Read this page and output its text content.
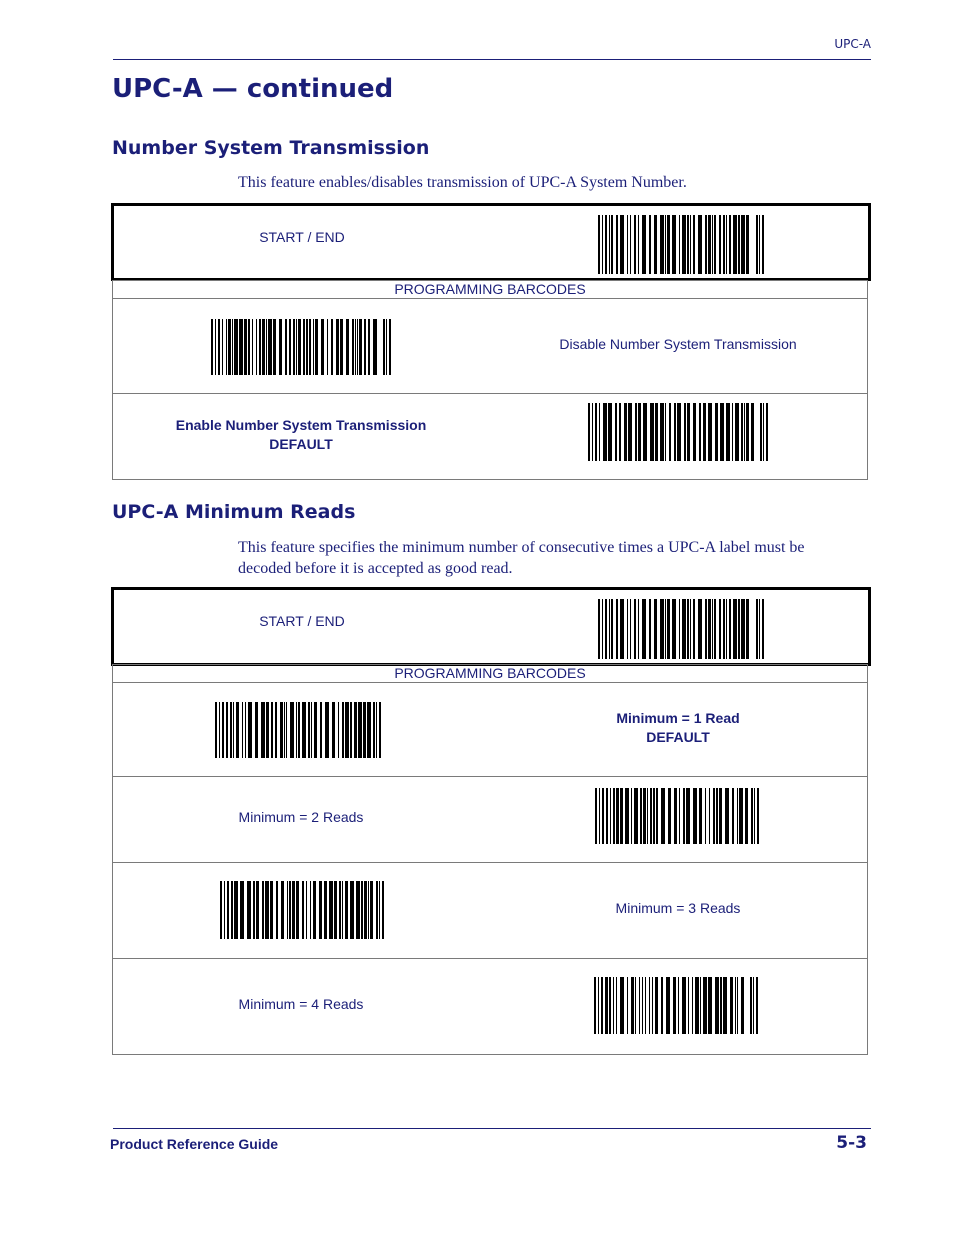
UPC-A
UPC-A — continued
Number System Transmission
This feature enables/disables transmission of UPC-A System Number.
START / END
PROGRAMMING BARCODES
Disable Number System Transmission
Enable Number System Transmission
DEFAULT
UPC-A Minimum Reads
This feature specifies the minimum number of consecutive times a UPC-A label must be decoded before it is accepted as good read.
START / END
PROGRAMMING BARCODES
Minimum = 1 Read
DEFAULT
Minimum = 2 Reads
Minimum = 3 Reads
Minimum = 4 Reads
Product Reference Guide	5-3
